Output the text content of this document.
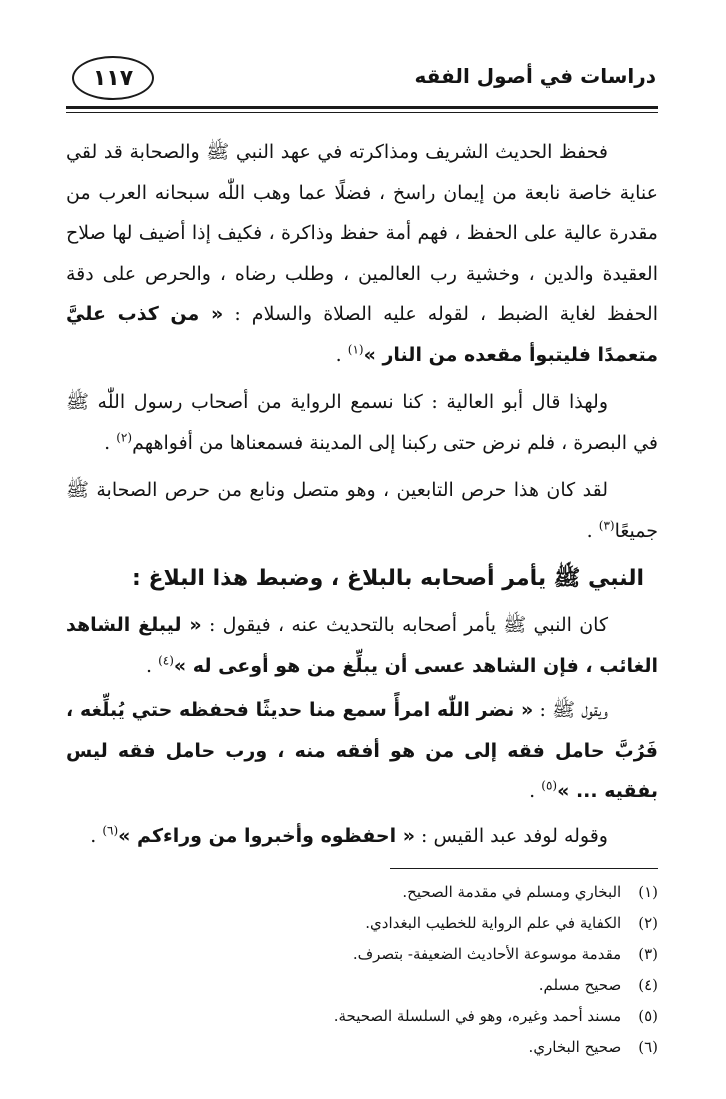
دراسات في أصول الفقه
١١٧

فحفظ الحديث الشريف ومذاكرته في عهد النبي ﷺ والصحابة قد لقي عناية خاصة نابعة من إيمان راسخ ، فضلًا عما وهب اللّٰه سبحانه العرب من مقدرة عالية على الحفظ ، فهم أمة حفظ وذاكرة ، فكيف إذا أضيف لها صلاح العقيدة والدين ، وخشية رب العالمين ، وطلب رضاه ، والحرص على دقة الحفظ لغاية الضبط ، لقوله عليه الصلاة والسلام : « من كذب عليَّ متعمدًا فليتبوأ مقعده من النار »$^{(١)}$ .

ولهذا قال أبو العالية : كنا نسمع الرواية من أصحاب رسول اللّٰه ﷺ في البصرة ، فلم نرض حتى ركبنا إلى المدينة فسمعناها من أفواههم$^{(٢)}$ .

لقد كان هذا حرص التابعين ، وهو متصل ونابع من حرص الصحابة ﷺ جميعًا$^{(٣)}$ .

النبي ﷺ يأمر أصحابه بالبلاغ ، وضبط هذا البلاغ :

كان النبي ﷺ يأمر أصحابه بالتحديث عنه ، فيقول : « ليبلغ الشاهد الغائب ، فإن الشاهد عسى أن يبلِّغ من هو أوعى له »$^{(٤)}$ .

ويقول ﷺ : « نضر اللّٰه امرأً سمع منا حديثًا فحفظه حتي يُبلِّغه ، فَرُبَّ حامل فقه إلى من هو أفقه منه ، ورب حامل فقه ليس بفقيه ... »$^{(٥)}$ .

وقوله لوفد عبد القيس : « احفظوه وأخبروا من وراءكم »$^{(٦)}$ .

(١) البخاري ومسلم في مقدمة الصحيح.
(٢) الكفاية في علم الرواية للخطيب البغدادي.
(٣) مقدمة موسوعة الأحاديث الضعيفة- بتصرف.
(٤) صحيح مسلم.
(٥) مسند أحمد وغيره، وهو في السلسلة الصحيحة.
(٦) صحيح البخاري.
